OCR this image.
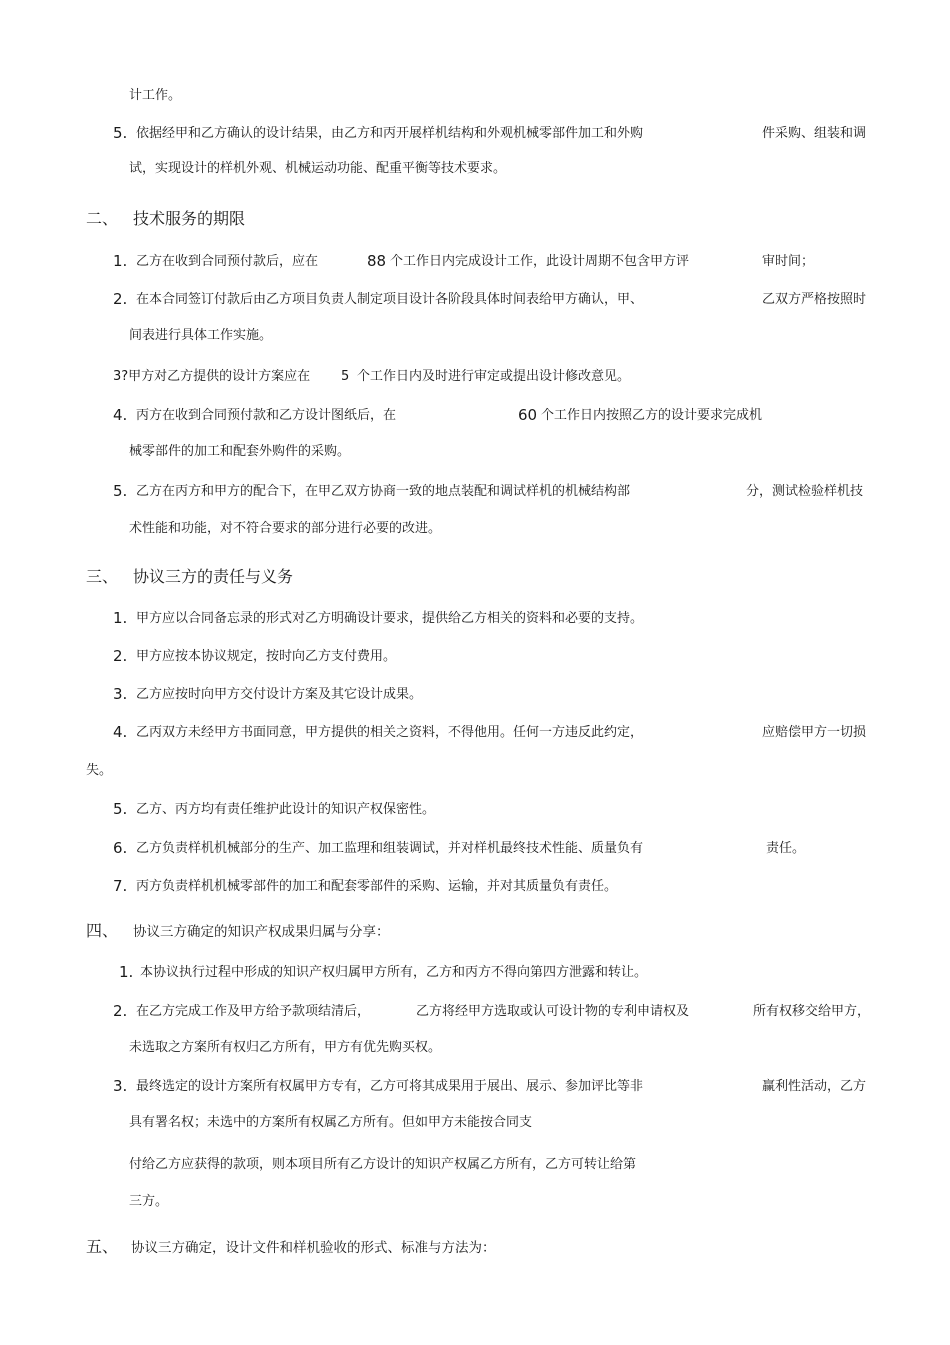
计工作。
5. 依据经甲和乙方确认的设计结果，由乙方和丙开展样机结构和外观机械零部件加工和外购	件采购、组装和调
试，实现设计的样机外观、机械运动功能、配重平衡等技术要求。
二、 技术服务的期限
1. 乙方在收到合同预付款后，应在	88 个工作日内完成设计工作，此设计周期不包含甲方评	审时间；
2. 在本合同签订付款后由乙方项目负责人制定项目设计各阶段具体时间表给甲方确认，甲、	乙双方严格按照时
间表进行具体工作实施。
3?甲方对乙方提供的设计方案应在 5 个工作日内及时进行审定或提出设计修改意见。
4. 丙方在收到合同预付款和乙方设计图纸后，在	60 个工作日内按照乙方的设计要求完成机
械零部件的加工和配套外购件的采购。
5. 乙方在丙方和甲方的配合下，在甲乙双方协商一致的地点装配和调试样机的机械结构部	分，测试检验样机技
术性能和功能，对不符合要求的部分进行必要的改进。
三、 协议三方的责任与义务
1. 甲方应以合同备忘录的形式对乙方明确设计要求，提供给乙方相关的资料和必要的支持。
2. 甲方应按本协议规定，按时向乙方支付费用。
3. 乙方应按时向甲方交付设计方案及其它设计成果。
4. 乙丙双方未经甲方书面同意，甲方提供的相关之资料，不得他用。任何一方违反此约定，	应赔偿甲方一切损
失。
5. 乙方、丙方均有责任维护此设计的知识产权保密性。
6. 乙方负责样机机械部分的生产、加工监理和组装调试，并对样机最终技术性能、质量负有	责任。
7. 丙方负责样机机械零部件的加工和配套零部件的采购、运输，并对其质量负有责任。
四、 协议三方确定的知识产权成果归属与分享：
1. 本协议执行过程中形成的知识产权归属甲方所有，乙方和丙方不得向第四方泄露和转让。
2. 在乙方完成工作及甲方给予款项结清后，	乙方将经甲方选取或认可设计物的专利申请权及	所有权移交给甲方，
未选取之方案所有权归乙方所有，甲方有优先购买权。
3. 最终选定的设计方案所有权属甲方专有，乙方可将其成果用于展出、展示、参加评比等非	赢利性活动，乙方
具有署名权；未选中的方案所有权属乙方所有。但如甲方未能按合同支
付给乙方应获得的款项，则本项目所有乙方设计的知识产权属乙方所有，乙方可转让给第
三方。
五、 协议三方确定，设计文件和样机验收的形式、标准与方法为：
